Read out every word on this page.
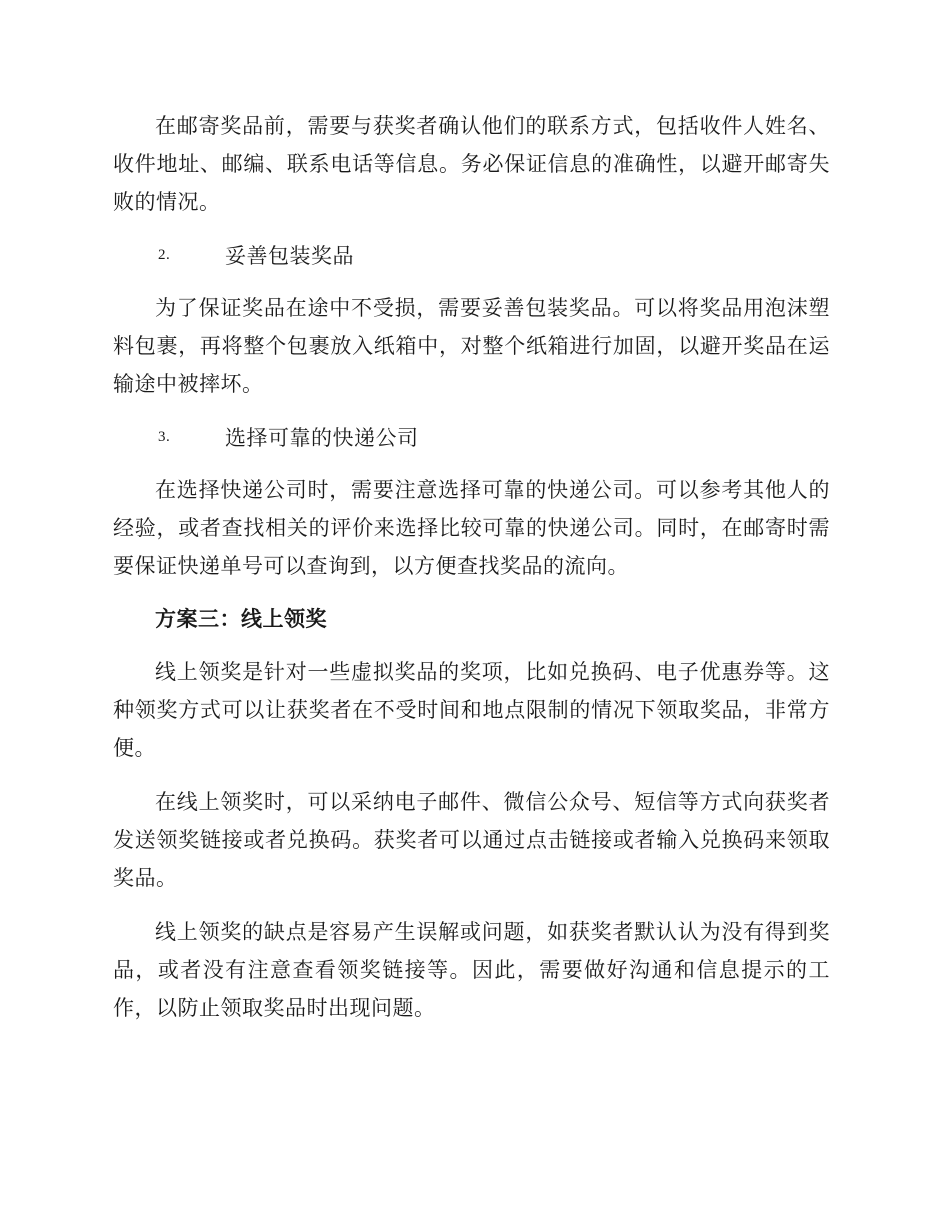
在邮寄奖品前，需要与获奖者确认他们的联系方式，包括收件人姓名、收件地址、邮编、联系电话等信息。务必保证信息的准确性，以避开邮寄失败的情况。

2.	妥善包装奖品

为了保证奖品在途中不受损，需要妥善包装奖品。可以将奖品用泡沫塑料包裹，再将整个包裹放入纸箱中，对整个纸箱进行加固，以避开奖品在运输途中被摔坏。

3.	选择可靠的快递公司

在选择快递公司时，需要注意选择可靠的快递公司。可以参考其他人的经验，或者查找相关的评价来选择比较可靠的快递公司。同时，在邮寄时需要保证快递单号可以查询到，以方便查找奖品的流向。

方案三：线上领奖

线上领奖是针对一些虚拟奖品的奖项，比如兑换码、电子优惠券等。这种领奖方式可以让获奖者在不受时间和地点限制的情况下领取奖品，非常方便。

在线上领奖时，可以采纳电子邮件、微信公众号、短信等方式向获奖者发送领奖链接或者兑换码。获奖者可以通过点击链接或者输入兑换码来领取奖品。

线上领奖的缺点是容易产生误解或问题，如获奖者默认认为没有得到奖品，或者没有注意查看领奖链接等。因此，需要做好沟通和信息提示的工作，以防止领取奖品时出现问题。
